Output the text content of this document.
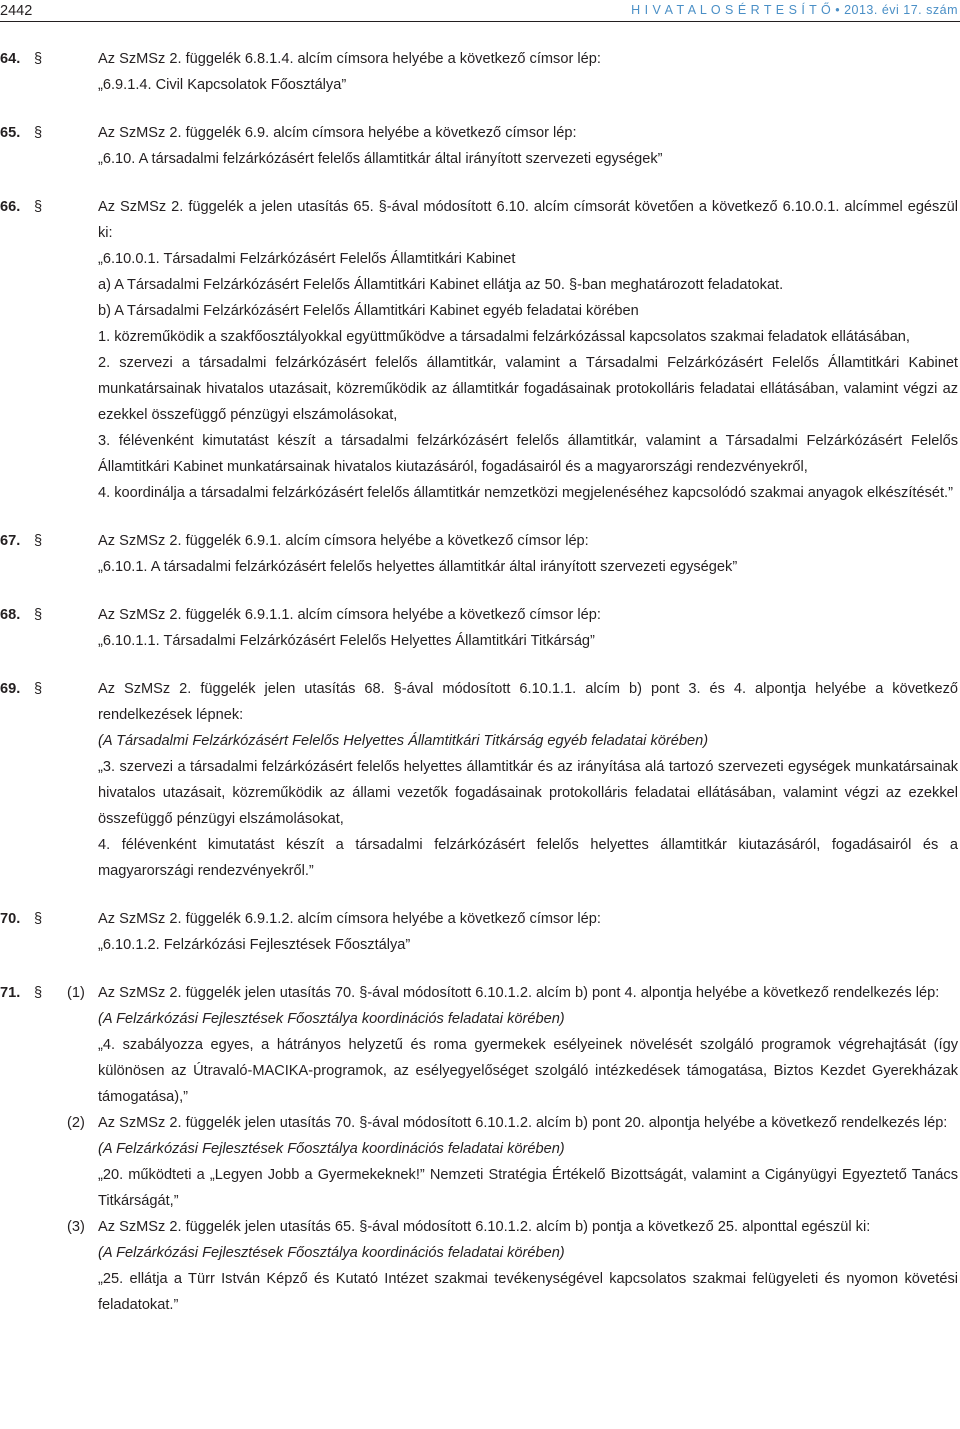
2442	H I V A T A L O S É R T E S Í T Ő • 2013. évi 17. szám
64. §	Az SzMSz 2. függelék 6.8.1.4. alcím címsora helyébe a következő címsor lép:

„6.9.1.4. Civil Kapcsolatok Főosztálya”

65. §	Az SzMSz 2. függelék 6.9. alcím címsora helyébe a következő címsor lép:

„6.10. A társadalmi felzárkózásért felelős államtitkár által irányított szervezeti egységek”

66. §	Az SzMSz 2. függelék a jelen utasítás 65. §-ával módosított 6.10. alcím címsorát követően a következő 6.10.0.1. alcímmel egészül ki:

„6.10.0.1. Társadalmi Felzárkózásért Felelős Államtitkári Kabinet

a) A Társadalmi Felzárkózásért Felelős Államtitkári Kabinet ellátja az 50. §-ban meghatározott feladatokat.

b) A Társadalmi Felzárkózásért Felelős Államtitkári Kabinet egyéb feladatai körében

1. közreműködik a szakfőosztályokkal együttműködve a társadalmi felzárkózással kapcsolatos szakmai feladatok ellátásában,

2. szervezi a társadalmi felzárkózásért felelős államtitkár, valamint a Társadalmi Felzárkózásért Felelős Államtitkári Kabinet munkatársainak hivatalos utazásait, közreműködik az államtitkár fogadásainak protokolláris feladatai ellátásában, valamint végzi az ezekkel összefüggő pénzügyi elszámolásokat,

3. félévenként kimutatást készít a társadalmi felzárkózásért felelős államtitkár, valamint a Társadalmi Felzárkózásért Felelős Államtitkári Kabinet munkatársainak hivatalos kiutazásáról, fogadásairól és a magyarországi rendezvényekről,

4. koordinálja a társadalmi felzárkózásért felelős államtitkár nemzetközi megjelenéséhez kapcsolódó szakmai anyagok elkészítését.”

67. §	Az SzMSz 2. függelék 6.9.1. alcím címsora helyébe a következő címsor lép:

„6.10.1. A társadalmi felzárkózásért felelős helyettes államtitkár által irányított szervezeti egységek”

68. §	Az SzMSz 2. függelék 6.9.1.1. alcím címsora helyébe a következő címsor lép:

„6.10.1.1. Társadalmi Felzárkózásért Felelős Helyettes Államtitkári Titkárság”

69. §	Az SzMSz 2. függelék jelen utasítás 68. §-ával módosított 6.10.1.1. alcím b) pont 3. és 4. alpontja helyébe a következő rendelkezések lépnek:

(A Társadalmi Felzárkózásért Felelős Helyettes Államtitkári Titkárság egyéb feladatai körében)

„3. szervezi a társadalmi felzárkózásért felelős helyettes államtitkár és az irányítása alá tartozó szervezeti egységek munkatársainak hivatalos utazásait, közreműködik az állami vezetők fogadásainak protokolláris feladatai ellátásában, valamint végzi az ezekkel összefüggő pénzügyi elszámolásokat,

4. félévenként kimutatást készít a társadalmi felzárkózásért felelős helyettes államtitkár kiutazásáról, fogadásairól és a magyarországi rendezvényekről.”

70. §	Az SzMSz 2. függelék 6.9.1.2. alcím címsora helyébe a következő címsor lép:

„6.10.1.2. Felzárkózási Fejlesztések Főosztálya”

71. § (1) Az SzMSz 2. függelék jelen utasítás 70. §-ával módosított 6.10.1.2. alcím b) pont 4. alpontja helyébe a következő rendelkezés lép:

(A Felzárkózási Fejlesztések Főosztálya koordinációs feladatai körében)

„4. szabályozza egyes, a hátrányos helyzetű és roma gyermekek esélyeinek növelését szolgáló programok végrehajtását (így különösen az Útravaló-MACIKA-programok, az esélyegyelőséget szolgáló intézkedések támogatása, Biztos Kezdet Gyerekházak támogatása),”

(2) Az SzMSz 2. függelék jelen utasítás 70. §-ával módosított 6.10.1.2. alcím b) pont 20. alpontja helyébe a következő rendelkezés lép:

(A Felzárkózási Fejlesztések Főosztálya koordinációs feladatai körében)

„20. működteti a „Legyen Jobb a Gyermekeknek!” Nemzeti Stratégia Értékelő Bizottságát, valamint a Cigányügyi Egyeztető Tanács Titkárságát,”

(3) Az SzMSz 2. függelék jelen utasítás 65. §-ával módosított 6.10.1.2. alcím b) pontja a következő 25. alponttal egészül ki:

(A Felzárkózási Fejlesztések Főosztálya koordinációs feladatai körében)

„25. ellátja a Türr István Képző és Kutató Intézet szakmai tevékenységével kapcsolatos szakmai felügyeleti és nyomon követési feladatokat.”
